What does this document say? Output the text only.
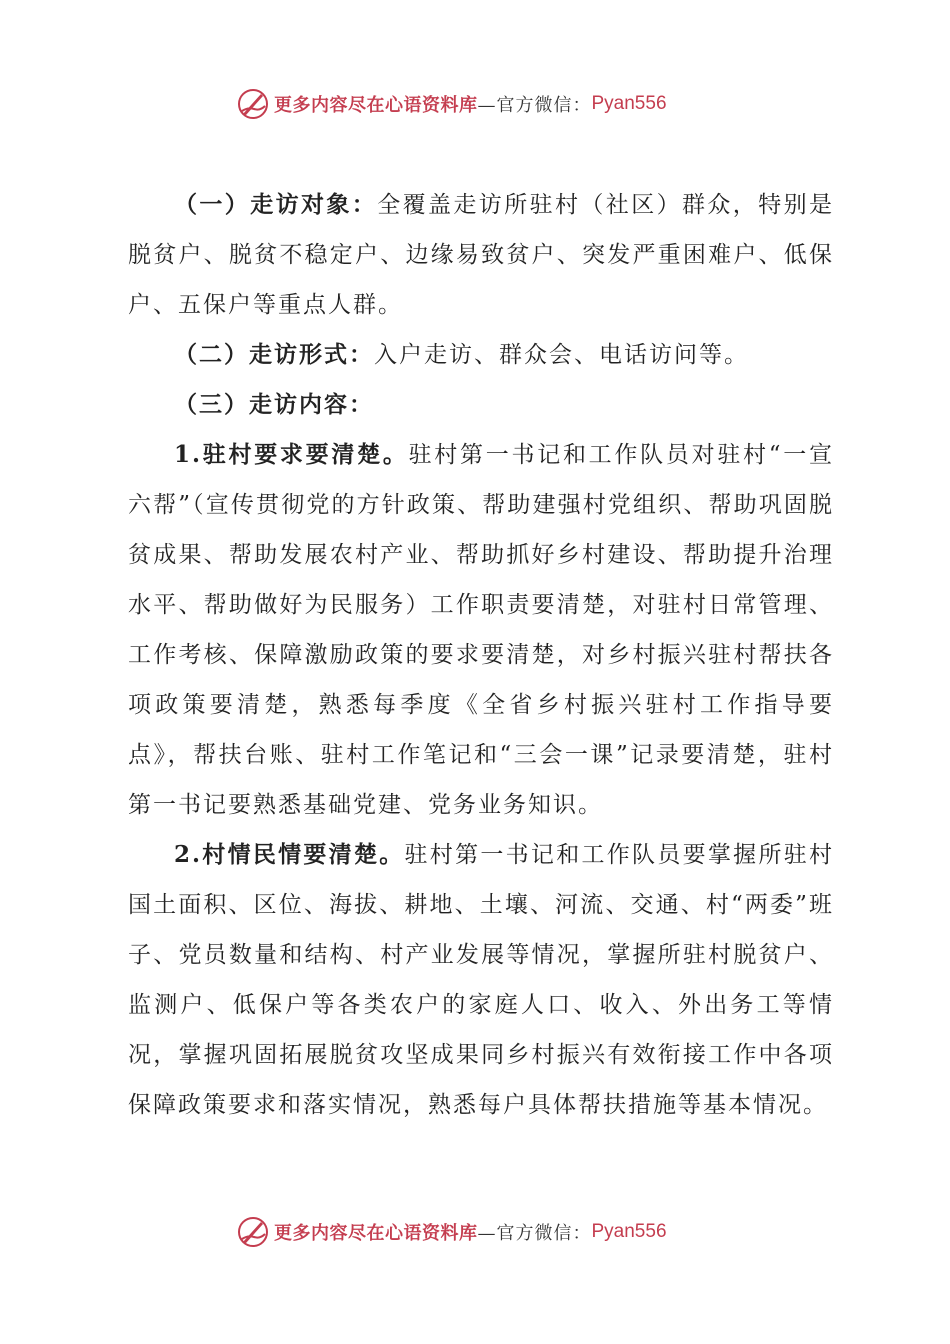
更多内容尽在心语资料库 —官方微信： Pyan556

（一）走访对象：全覆盖走访所驻村（社区）群众，特别是脱贫户、脱贫不稳定户、边缘易致贫户、突发严重困难户、低保户、五保户等重点人群。

（二）走访形式：入户走访、群众会、电话访问等。

（三）走访内容：

1.驻村要求要清楚。驻村第一书记和工作队员对驻村“一宣六帮”（宣传贯彻党的方针政策、帮助建强村党组织、帮助巩固脱贫成果、帮助发展农村产业、帮助抓好乡村建设、帮助提升治理水平、帮助做好为民服务）工作职责要清楚，对驻村日常管理、工作考核、保障激励政策的要求要清楚，对乡村振兴驻村帮扶各项政策要清楚，熟悉每季度《全省乡村振兴驻村工作指导要点》，帮扶台账、驻村工作笔记和“三会一课”记录要清楚，驻村第一书记要熟悉基础党建、党务业务知识。

2.村情民情要清楚。驻村第一书记和工作队员要掌握所驻村国土面积、区位、海拔、耕地、土壤、河流、交通、村“两委”班子、党员数量和结构、村产业发展等情况，掌握所驻村脱贫户、监测户、低保户等各类农户的家庭人口、收入、外出务工等情况，掌握巩固拓展脱贫攻坚成果同乡村振兴有效衔接工作中各项保障政策要求和落实情况，熟悉每户具体帮扶措施等基本情况。

更多内容尽在心语资料库 —官方微信： Pyan556
